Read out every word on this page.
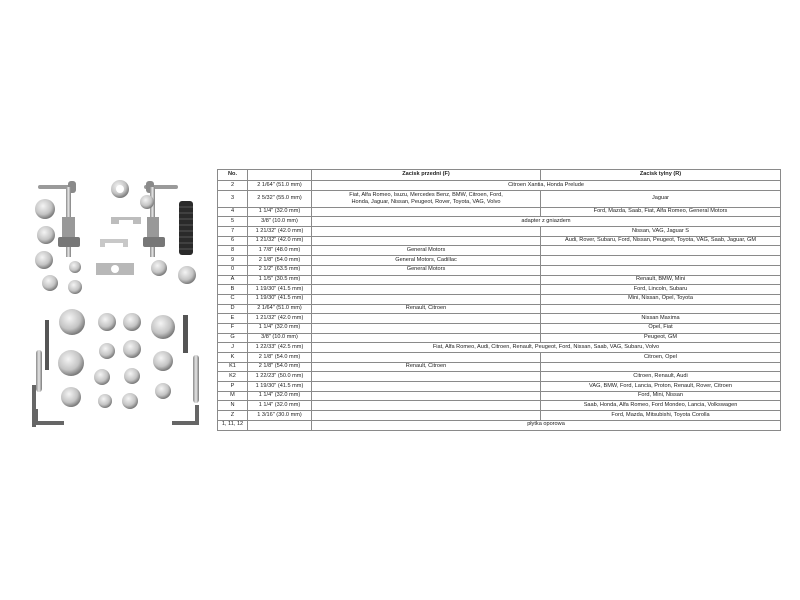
No.		Zacisk przedni (F)	Zacisk tylny (R)
2	2 1/64" (51.0 mm)	Citroen Xantia, Honda Prelude	
3	2 5/32" (55.0 mm)	Fiat, Alfa Romeo, Isuzu, Mercedes Benz, BMW, Citroen, Ford,
Honda, Jaguar, Nissan, Peugeot, Rover, Toyota, VAG, Volvo	Jaguar
4	1 1/4" (32.0 mm)		Ford, Mazda, Saab, Fiat, Alfa Romeo, General Motors
5	3/8" (10.0 mm)	adapter z gniazdem	
7	1 21/32" (42.0 mm)		Nissan, VAG, Jaguar S
6	1 21/32" (42.0 mm)		Audi, Rover, Subaru, Ford, Nissan, Peugeot, Toyota, VAG, Saab, Jaguar, GM
8	1 7/8" (48.0 mm)	General Motors	
9	2 1/8" (54.0 mm)	General Motors, Cadillac	
0	2 1/2" (63.5 mm)	General Motors	
A	1 1/5" (30.5 mm)		Renault, BMW, Mini
B	1 19/30" (41.5 mm)		Ford, Lincoln, Subaru
C	1 19/30" (41.5 mm)		Mini, Nissan, Opel, Toyota
D	2 1/64" (51.0 mm)	Renault, Citroen	
E	1 21/32" (42.0 mm)		Nissan Maxima
F	1 1/4" (32.0 mm)		Opel, Fiat
G	3/8" (10.0 mm)		Peugeot, GM
J	1 22/33" (42.5 mm)	Fiat, Alfa Romeo, Audi, Citroen, Renault, Peugeot, Ford, Nissan, Saab, VAG, Subaru, Volvo	
K	2 1/8" (54.0 mm)		Citroen, Opel
K1	2 1/8" (54.0 mm)	Renault, Citroen	
K2	1 22/23" (50.0 mm)		Citroen, Renault, Audi
P	1 19/30" (41.5 mm)		VAG, BMW, Ford, Lancia, Proton, Renault, Rover, Citroen
M	1 1/4" (32.0 mm)		Ford, Mini, Nissan
N	1 1/4" (32.0 mm)		Saab, Honda, Alfa Romeo, Ford Mondeo, Lancia, Volkswagen
Z	1 3/16" (30.0 mm)		Ford, Mazda, Mitsubishi, Toyota Corolla
1, 11, 12		płytka oporowa	
